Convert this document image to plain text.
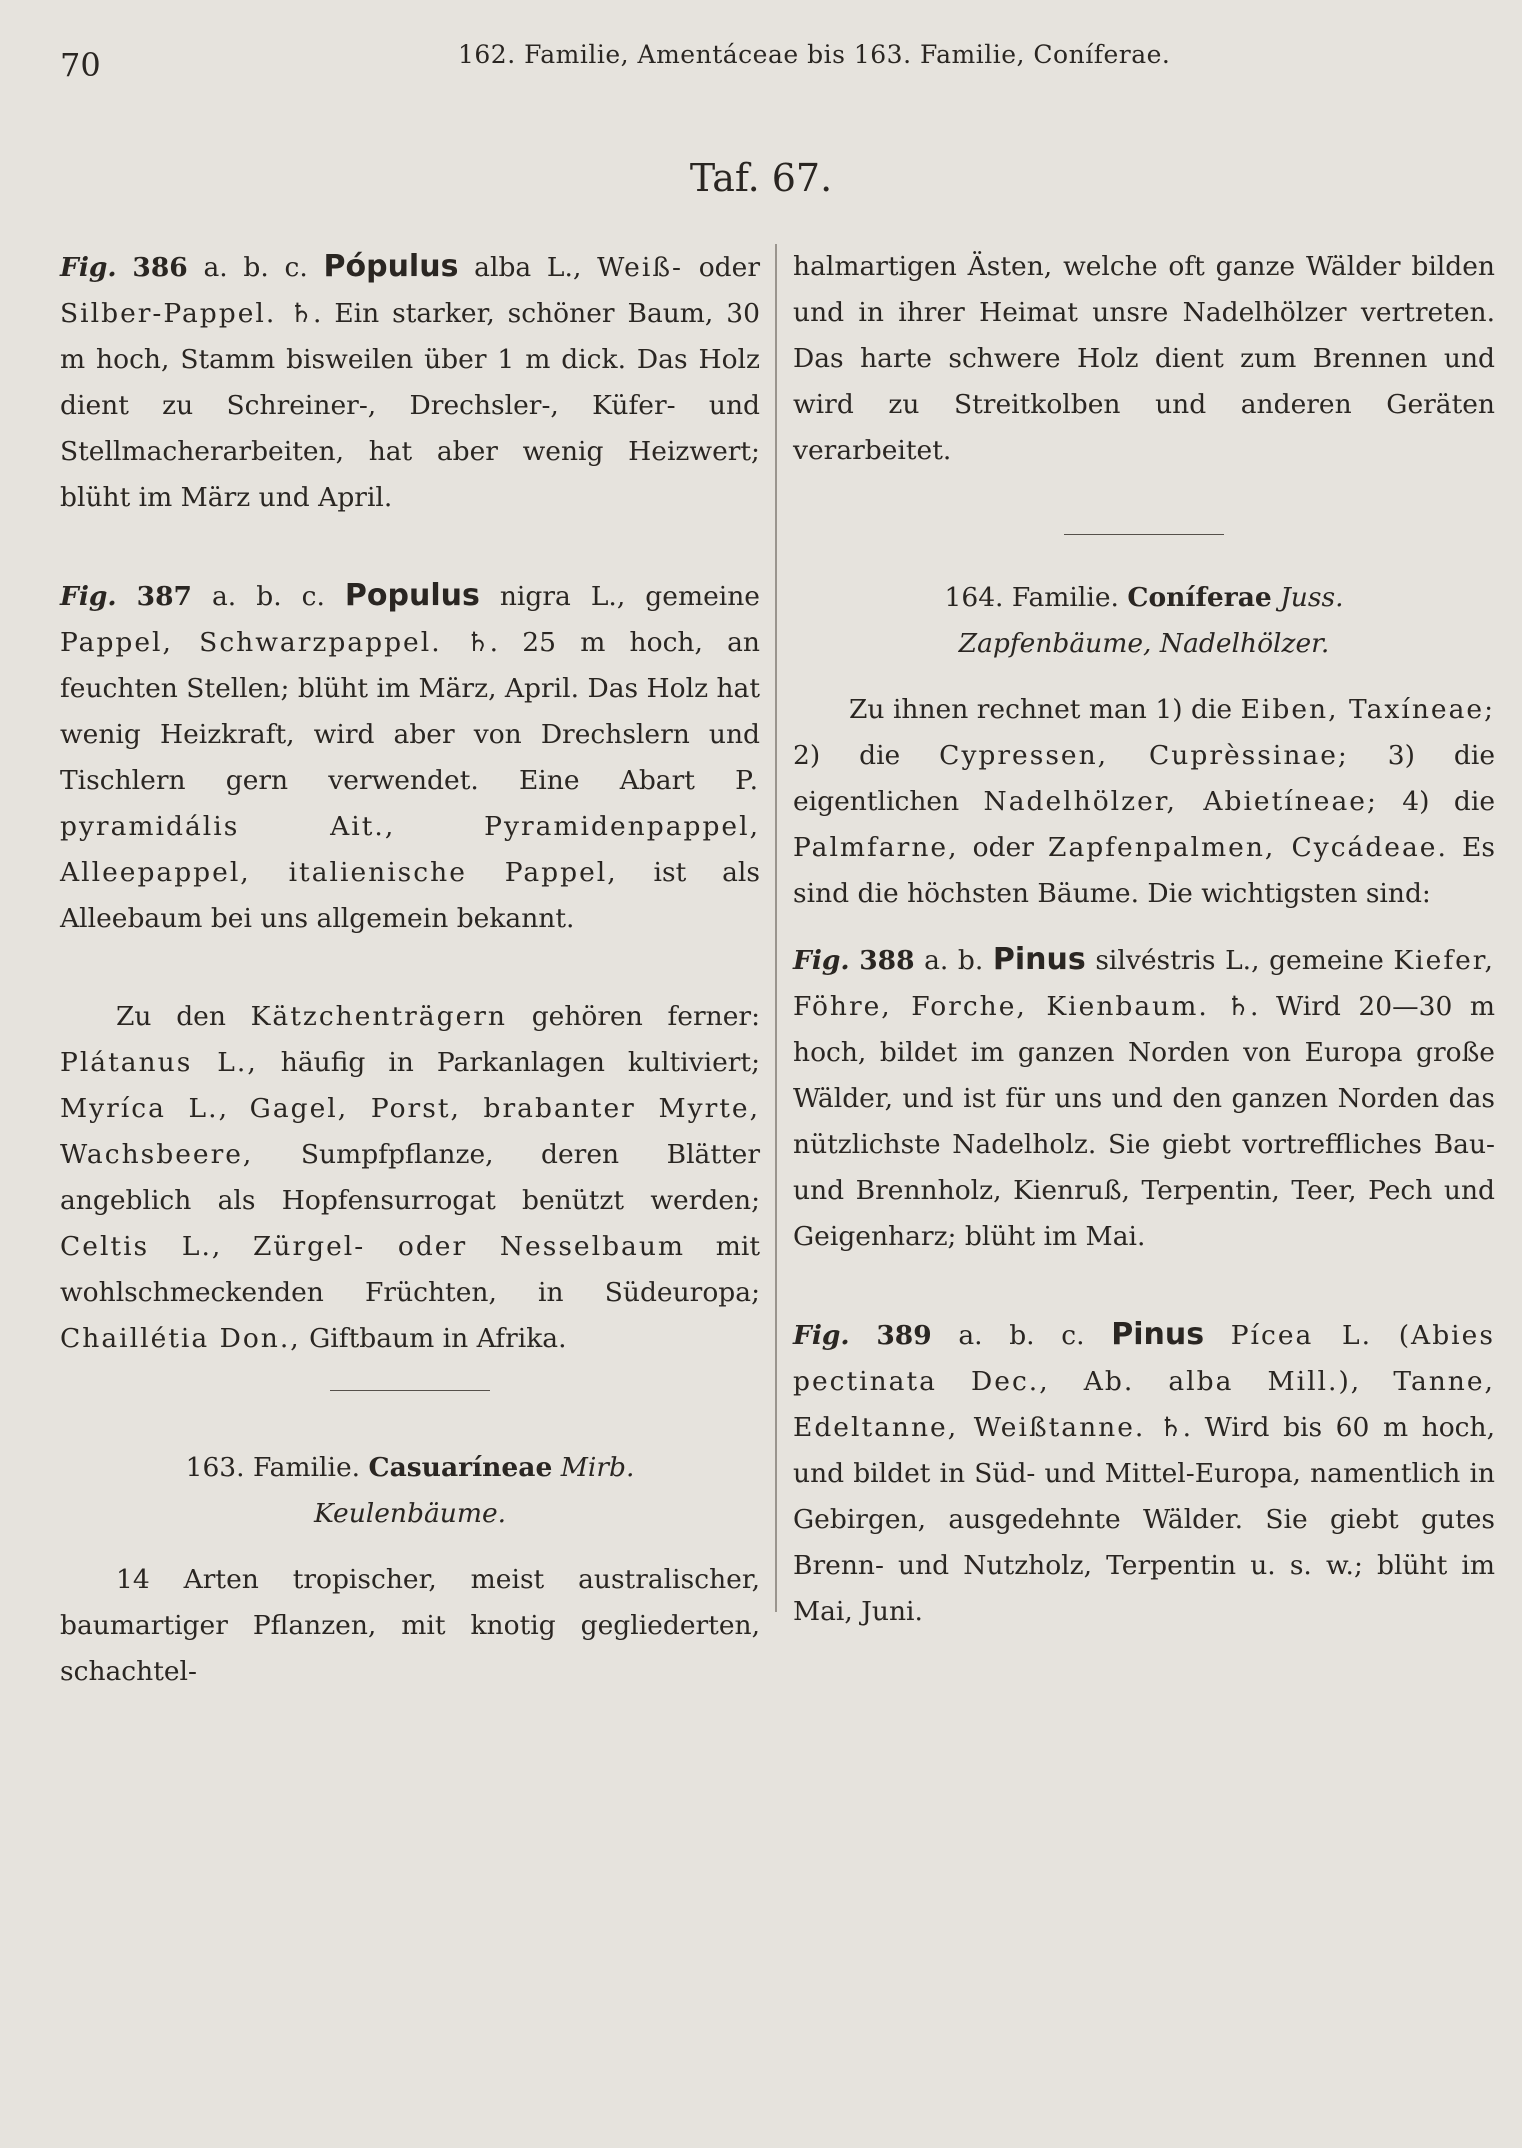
70	162. Familie, Amentáceae bis 163. Familie, Coníferae.
Taf. 67.

Fig. 386 a. b. c. Pópulus alba L., Weiß- oder Silber-Pappel. ♄. Ein starker, schöner Baum, 30 m hoch, Stamm bisweilen über 1 m dick. Das Holz dient zu Schreiner-, Drechsler-, Küfer- und Stellmacherarbeiten, hat aber wenig Heizwert; blüht im März und April.

Fig. 387 a. b. c. Populus nigra L., gemeine Pappel, Schwarzpappel. ♄. 25 m hoch, an feuchten Stellen; blüht im März, April. Das Holz hat wenig Heizkraft, wird aber von Drechslern und Tischlern gern verwendet. Eine Abart P. pyramidális Ait.,	Pyramidenpappel, Alleepappel, italienische Pappel, ist als Alleebaum bei uns allgemein bekannt.

Zu den Kätzchenträgern gehören ferner: Plátanus L., häufig in Parkanlagen kultiviert; Myríca L., Gagel, Porst, brabanter Myrte, Wachsbeere, Sumpfpflanze, deren Blätter angeblich als Hopfensurrogat benützt werden; Celtis L., Zürgel- oder Nesselbaum mit wohlschmeckenden Früchten, in Südeuropa; Chaillétia Don., Giftbaum in Afrika.

163. Familie. Casuaríneae Mirb.

Keulenbäume.

14 Arten tropischer, meist australischer, baumartiger Pflanzen, mit knotig gegliederten, schachtel-

halmartigen Ästen, welche oft ganze Wälder bilden und in ihrer Heimat unsre Nadelhölzer vertreten. Das harte schwere Holz dient zum Brennen und wird zu Streitkolben und anderen Geräten verarbeitet.

164. Familie. Coníferae Juss.

Zapfenbäume, Nadelhölzer.

Zu ihnen rechnet man 1) die Eiben, Taxíneae; 2) die Cypressen, Cuprèssinae; 3) die eigentlichen Nadelhölzer, Abietíneae; 4) die Palmfarne, oder Zapfenpalmen, Cycádeae. Es sind die höchsten Bäume. Die wichtigsten sind:

Fig. 388 a. b. Pinus silvéstris L., gemeine Kiefer, Föhre, Forche, Kienbaum. ♄. Wird 20—30 m hoch, bildet im ganzen Norden von Europa große Wälder, und ist für uns und den ganzen Norden das nützlichste Nadelholz. Sie giebt vortreffliches Bau- und Brennholz, Kienruß, Terpentin, Teer, Pech und Geigenharz; blüht im Mai.

Fig. 389 a. b. c. Pinus Pícea L. (Abies pectinata Dec., Ab. alba Mill.), Tanne, Edeltanne, Weißtanne. ♄. Wird bis 60 m hoch, und bildet in Süd- und Mittel-Europa, namentlich in Gebirgen, ausgedehnte Wälder. Sie giebt gutes Brenn- und Nutzholz, Terpentin u. s. w.; blüht im Mai, Juni.
